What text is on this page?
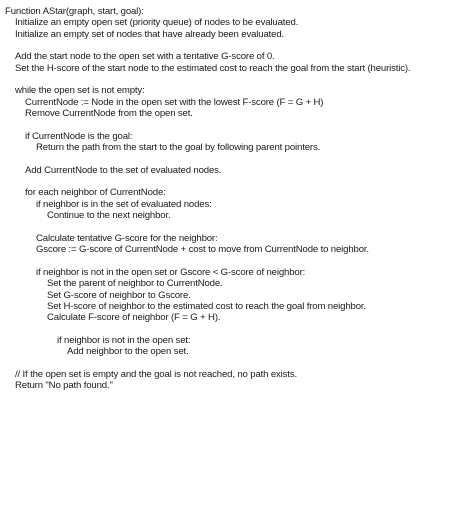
Function AStar(graph, start, goal):
Initialize an empty open set (priority queue) of nodes to be evaluated.
Initialize an empty set of nodes that have already been evaluated.
Add the start node to the open set with a tentative G-score of 0.
Set the H-score of the start node to the estimated cost to reach the goal from the start (heuristic).
while the open set is not empty:
CurrentNode := Node in the open set with the lowest F-score (F = G + H)
Remove CurrentNode from the open set.
if CurrentNode is the goal:
Return the path from the start to the goal by following parent pointers.
Add CurrentNode to the set of evaluated nodes.
for each neighbor of CurrentNode:
if neighbor is in the set of evaluated nodes:
Continue to the next neighbor.
Calculate tentative G-score for the neighbor:
Gscore := G-score of CurrentNode + cost to move from CurrentNode to neighbor.
if neighbor is not in the open set or Gscore < G-score of neighbor:
Set the parent of neighbor to CurrentNode.
Set G-score of neighbor to Gscore.
Set H-score of neighbor to the estimated cost to reach the goal from neighbor.
Calculate F-score of neighbor (F = G + H).
if neighbor is not in the open set:
Add neighbor to the open set.
// If the open set is empty and the goal is not reached, no path exists.
Return "No path found."
